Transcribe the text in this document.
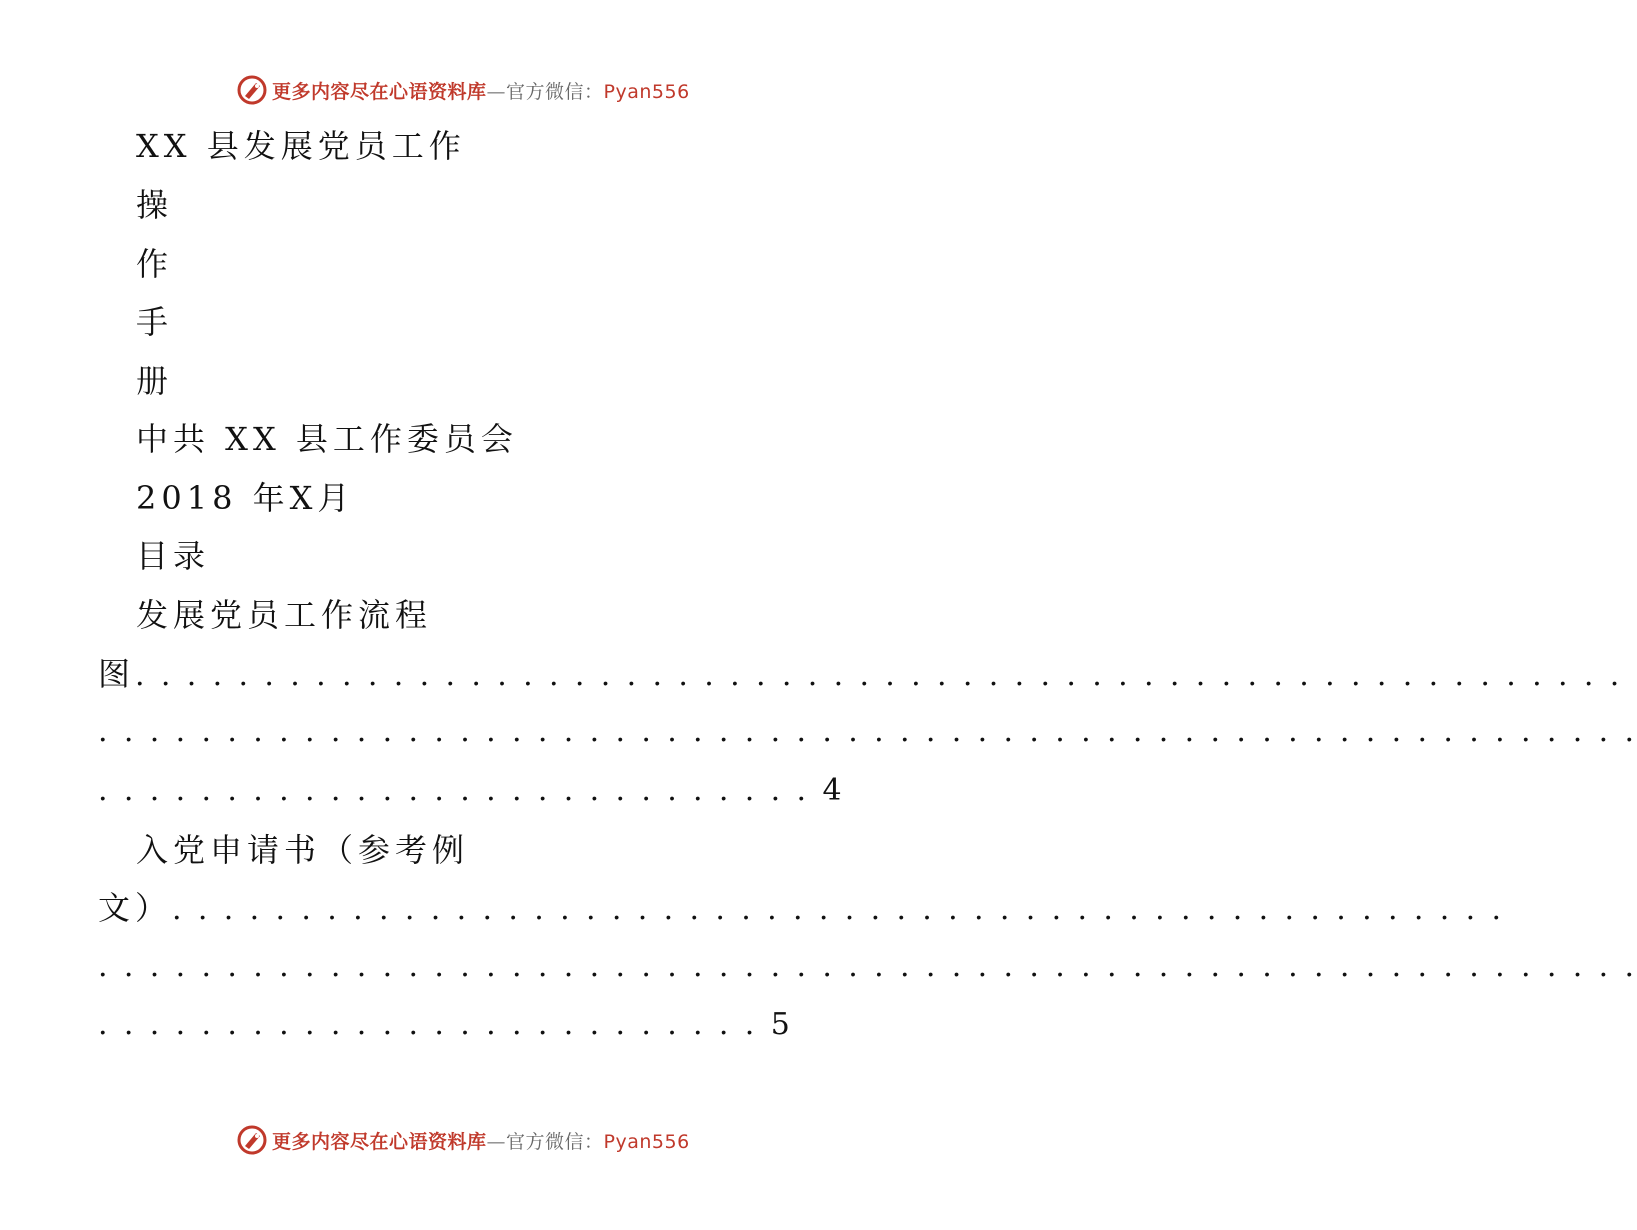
更多内容尽在心语资料库—官方微信：Pyan556
XX 县发展党员工作
操
作
手
册
中共 XX 县工作委员会
2018 年X月
目录
发展党员工作流程
图. . . . . . . . . . . . . . . . . . . . . . . . . . . . . . . . . . . . . . . . . . . . . . . . . . . . . . . . . .
. . . . . . . . . . . . . . . . . . . . . . . . . . . . . . . . . . . . . . . . . . . . . . . . . . . . . . . . . . . .
. . . . . . . . . . . . . . . . . . . . . . . . . . . . 4
入党申请书（参考例
文）. . . . . . . . . . . . . . . . . . . . . . . . . . . . . . . . . . . . . . . . . . . . . . . . . . . .
. . . . . . . . . . . . . . . . . . . . . . . . . . . . . . . . . . . . . . . . . . . . . . . . . . . . . . . . . . . .
. . . . . . . . . . . . . . . . . . . . . . . . . . 5
更多内容尽在心语资料库—官方微信：Pyan556
